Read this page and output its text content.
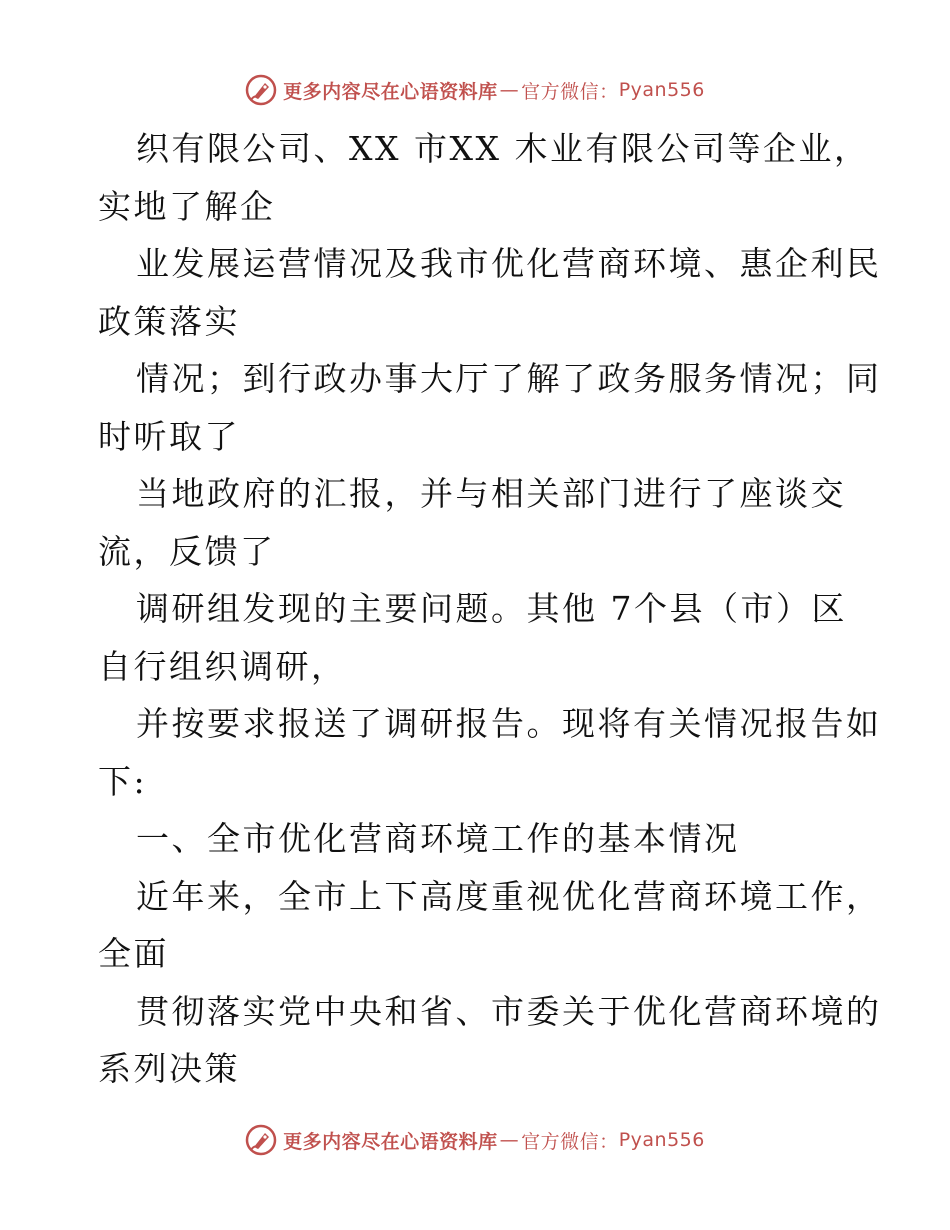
更多内容尽在心语资料库 — 官方微信： Pyan556
织有限公司、XX 市XX 木业有限公司等企业，
实地了解企
业发展运营情况及我市优化营商环境、惠企利民
政策落实
情况；到行政办事大厅了解了政务服务情况；同
时听取了
当地政府的汇报，并与相关部门进行了座谈交
流，反馈了
调研组发现的主要问题。其他 7个县（市）区
自行组织调研，
并按要求报送了调研报告。现将有关情况报告如
下:
一、全市优化营商环境工作的基本情况
近年来，全市上下高度重视优化营商环境工作，
全面
贯彻落实党中央和省、市委关于优化营商环境的
系列决策
更多内容尽在心语资料库 — 官方微信： Pyan556
